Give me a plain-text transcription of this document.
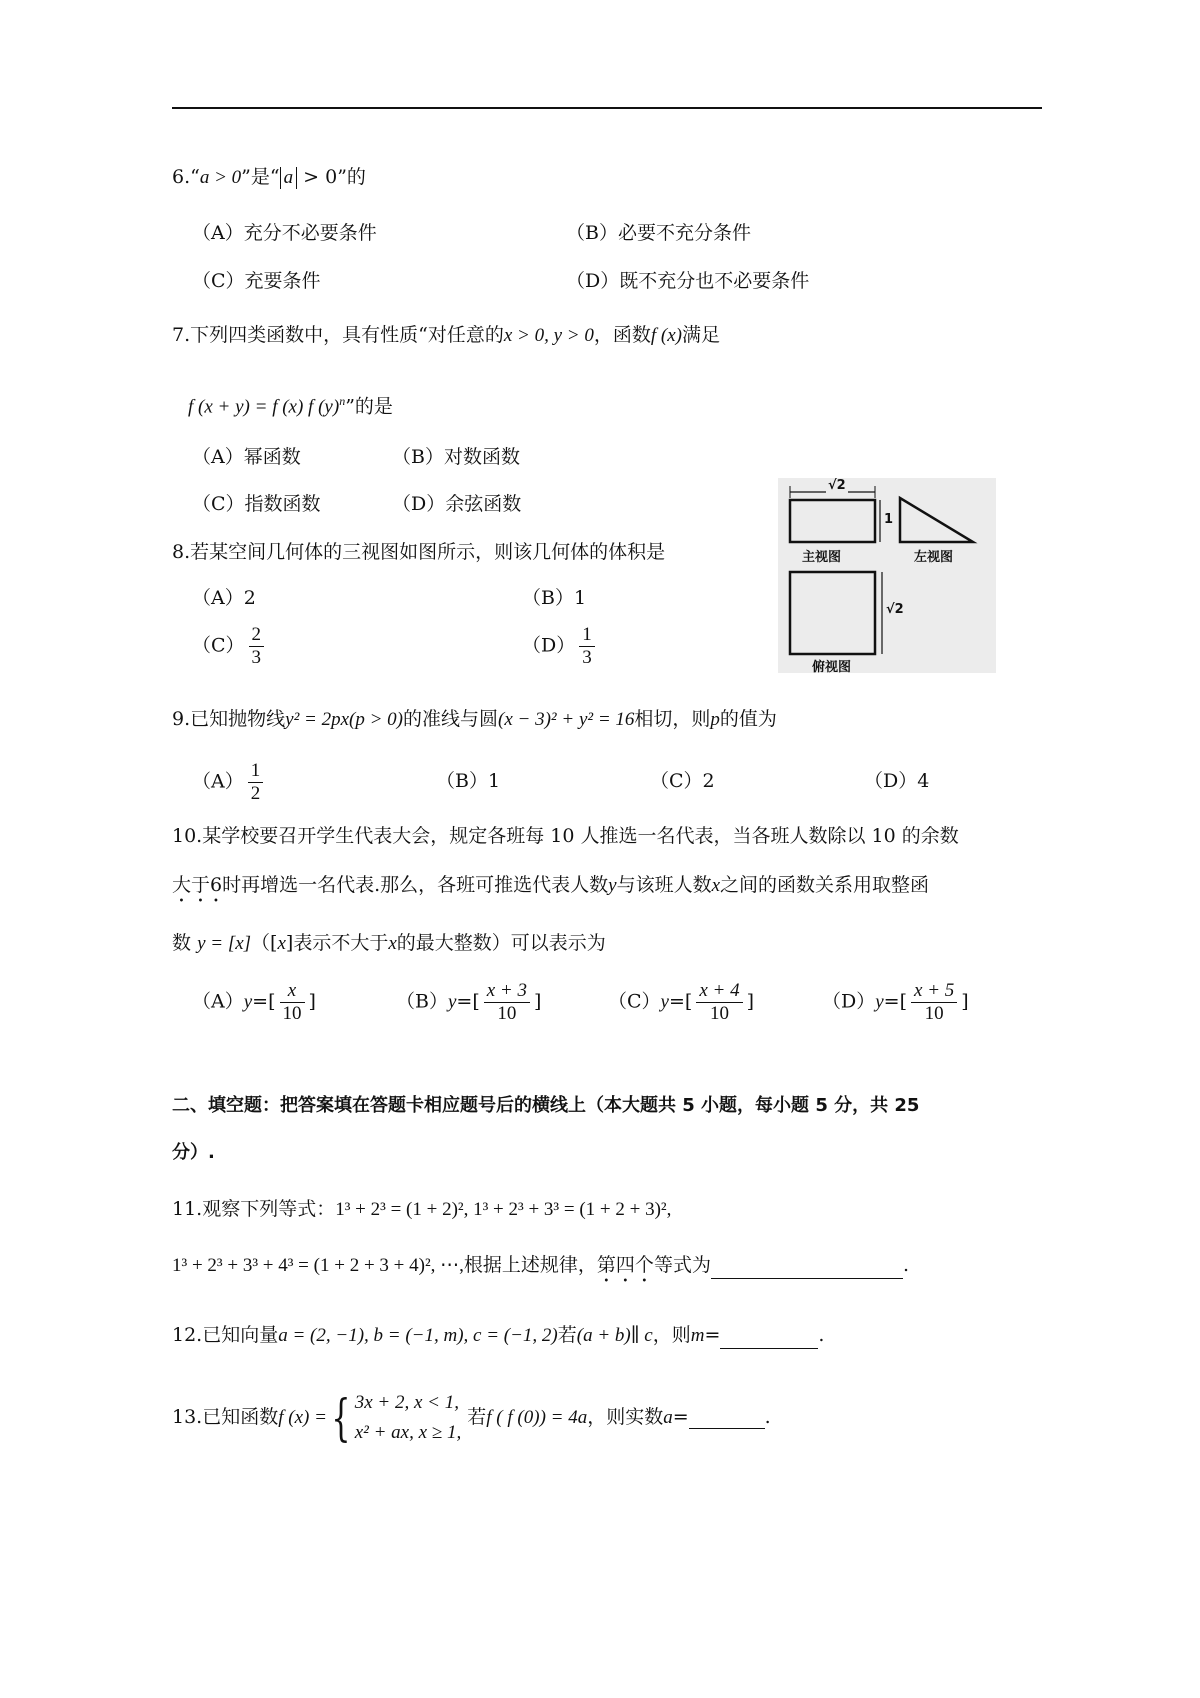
6.“a > 0”是“ a > 0”的
（A）充分不必要条件	（B）必要不充分条件
（C）充要条件	（D）既不充分也不必要条件
7.下列四类函数中，具有性质“对任意的x > 0, y > 0，函数f (x)满足
f (x + y) = f (x) f $(y)^n$”的是
（A）幂函数	（B）对数函数
（C）指数函数	（D）余弦函数
8.若某空间几何体的三视图如图所示，则该几何体的体积是
（A）2	（B）1
$(C) \frac{2}{3}$	$(D) \frac{1}{3}$
√2
1
√2
主视图	左视图
俯视图
9.已知抛物线y² = 2px(p > 0)的准线与圆(x − 3)² + y² = 16相切，则p的值为
$(A) \frac{1}{2}$	（B）1	（C）2	（D）4
10.某学校要召开学生代表大会，规定各班每 10 人推选一名代表，当各班人数除以 10 的余数
大于6时再增选一名代表.那么，各班可推选代表人数y与该班人数x之间的函数关系用取整函
数 y = [x]（[x]表示不大于x的最大整数）可以表示为
$(A)y=[ \frac{x}{10}$ ]	$(B)y=[ \frac{x + 3}{10}$ ]	$(C)y=[ \frac{x + 4}{10}$ ]	$(D)y=[ \frac{x + 5}{10}$ ]
二、填空题：把答案填在答题卡相应题号后的横线上（本大题共 5 小题，每小题 5 分，共 25
分）.
11.观察下列等式：1³ + 2³ = (1 + 2)², 1³ + 2³ + 3³ = (1 + 2 + 3)²,
1³ + 2³ + 3³ + 4³ = (1 + 2 + 3 + 4)², ⋯,根据上述规律，第四个等式为	.
12.已知向量a = (2, −1), b = (−1, m), c = (−1, 2)若(a + b)∥ c，则m=	.
13.已知函数f (x) ={ 3x + 2, x < 1,
x² + ax, x ≥ 1,
若f ( f (0)) = 4a，则实数a=	.
